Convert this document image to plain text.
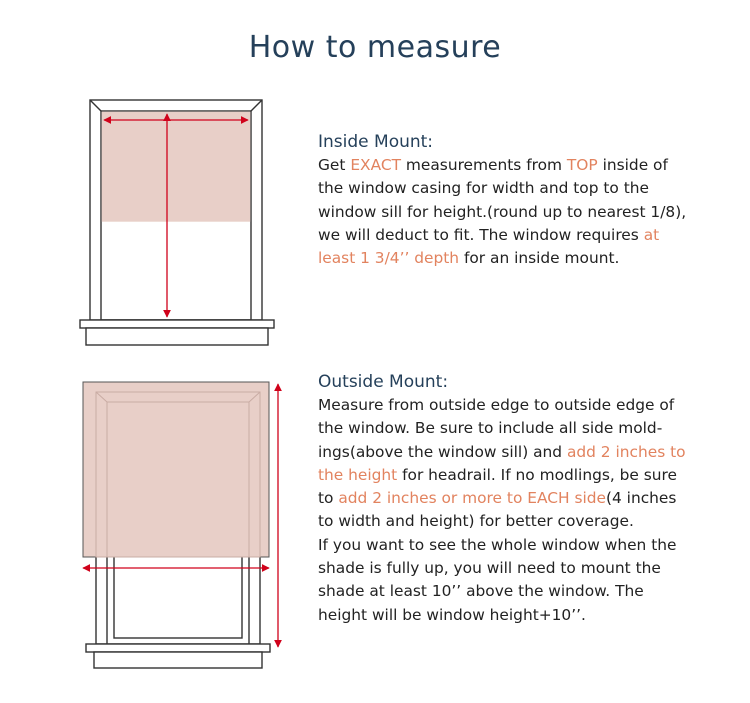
How to measure
Inside Mount:
Get EXACT measurements from TOP inside of
the window casing for width and top to the
window sill for height.(round up to nearest 1/8),
we will deduct to fit. The window requires at
least 1 3/4’’ depth for an inside mount.
Outside Mount:
Measure from outside edge to outside edge of
the window. Be sure to include all side mold-
ings(above the window sill) and add 2 inches to
the height for headrail. If no modlings, be sure
to add 2 inches or more to EACH side(4 inches
to width and height) for better coverage.
If you want to see the whole window when the
shade is fully up, you will need to mount the
shade at least 10’’ above the window. The
height will be window height+10’’.
